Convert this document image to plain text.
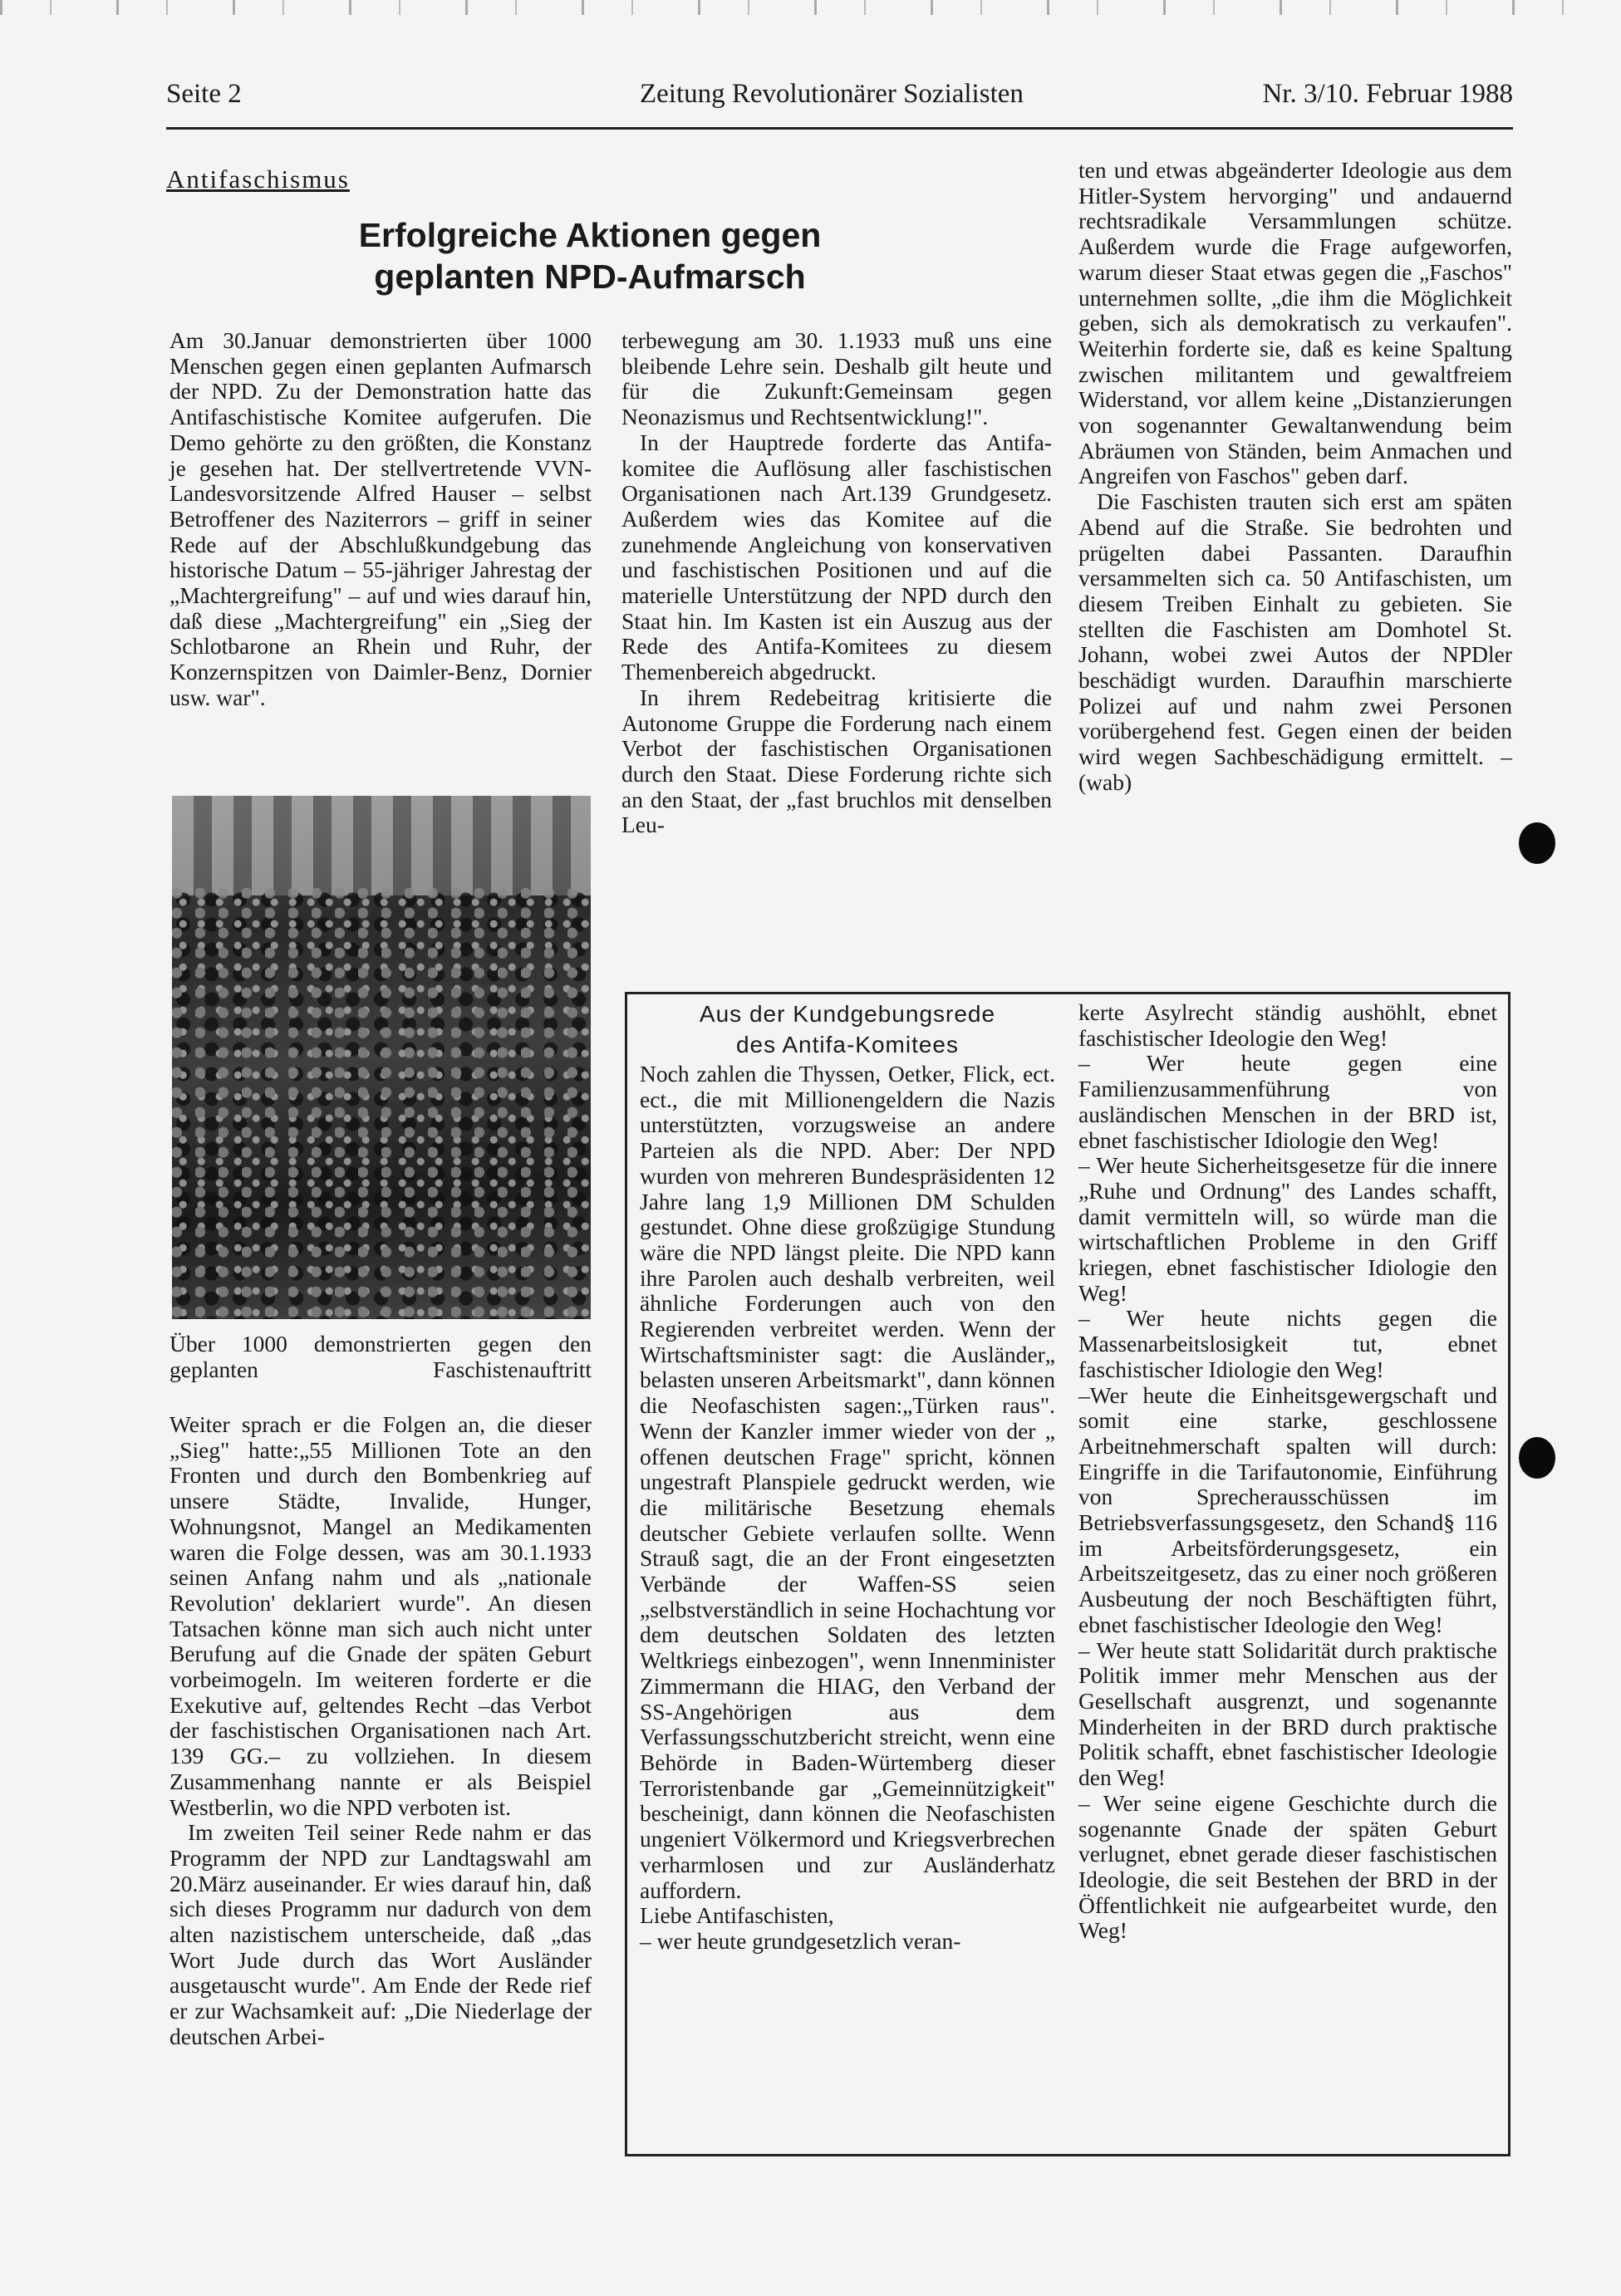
Seite 2	Zeitung Revolutionärer Sozialisten	Nr. 3/10. Februar 1988
Antifaschismus
Erfolgreiche Aktionen gegen
geplanten NPD-Aufmarsch

Am 30.Januar demonstrierten über 1000 Menschen gegen einen geplanten Aufmarsch der NPD. Zu der Demonstration hatte das Antifaschistische Komitee aufgerufen. Die Demo gehörte zu den größten, die Konstanz je gesehen hat. Der stellvertretende VVN-Landesvorsitzende Alfred Hauser – selbst Betroffener des Naziterrors – griff in seiner Rede auf der Abschlußkundgebung das historische Datum – 55-jähriger Jahrestag der „Machtergreifung" – auf und wies darauf hin, daß diese „Machtergreifung" ein „Sieg der Schlotbarone an Rhein und Ruhr, der Konzernspitzen von Daimler-Benz, Dornier usw. war".

Über 1000 demonstrierten gegen den geplanten Faschistenauftritt

Weiter sprach er die Folgen an, die dieser „Sieg" hatte:„55 Millionen Tote an den Fronten und durch den Bombenkrieg auf unsere Städte, Invalide, Hunger, Wohnungsnot, Mangel an Medikamenten waren die Folge dessen, was am 30.1.1933 seinen Anfang nahm und als „nationale Revolution' deklariert wurde". An diesen Tatsachen könne man sich auch nicht unter Berufung auf die Gnade der späten Geburt vorbeimogeln. Im weiteren forderte er die Exekutive auf, geltendes Recht –das Verbot der faschistischen Organisationen nach Art. 139 GG.– zu vollziehen. In diesem Zusammenhang nannte er als Beispiel Westberlin, wo die NPD verboten ist.

Im zweiten Teil seiner Rede nahm er das Programm der NPD zur Landtagswahl am 20.März auseinander. Er wies darauf hin, daß sich dieses Programm nur dadurch von dem alten nazistischem unterscheide, daß „das Wort Jude durch das Wort Ausländer ausgetauscht wurde". Am Ende der Rede rief er zur Wachsamkeit auf: „Die Niederlage der deutschen Arbei-

terbewegung am 30. 1.1933 muß uns eine bleibende Lehre sein. Deshalb gilt heute und für die Zukunft:Gemeinsam gegen Neonazismus und Rechtsentwicklung!".

In der Hauptrede forderte das Antifa-komitee die Auflösung aller faschistischen Organisationen nach Art.139 Grundgesetz. Außerdem wies das Komitee auf die zunehmende Angleichung von konservativen und faschistischen Positionen und auf die materielle Unterstützung der NPD durch den Staat hin. Im Kasten ist ein Auszug aus der Rede des Antifa-Komitees zu diesem Themenbereich abgedruckt.

In ihrem Redebeitrag kritisierte die Autonome Gruppe die Forderung nach einem Verbot der faschistischen Organisationen durch den Staat. Diese Forderung richte sich an den Staat, der „fast bruchlos mit denselben Leu-

ten und etwas abgeänderter Ideologie aus dem Hitler-System hervorging" und andauernd rechtsradikale Versammlungen schütze. Außerdem wurde die Frage aufgeworfen, warum dieser Staat etwas gegen die „Faschos" unternehmen sollte, „die ihm die Möglichkeit geben, sich als demokratisch zu verkaufen". Weiterhin forderte sie, daß es keine Spaltung zwischen militantem und gewaltfreiem Widerstand, vor allem keine „Distanzierungen von sogenannter Gewaltanwendung beim Abräumen von Ständen, beim Anmachen und Angreifen von Faschos" geben darf.

Die Faschisten trauten sich erst am späten Abend auf die Straße. Sie bedrohten und prügelten dabei Passanten. Daraufhin versammelten sich ca. 50 Antifaschisten, um diesem Treiben Einhalt zu gebieten. Sie stellten die Faschisten am Domhotel St. Johann, wobei zwei Autos der NPDler beschädigt wurden. Daraufhin marschierte Polizei auf und nahm zwei Personen vorübergehend fest. Gegen einen der beiden wird wegen Sachbeschädigung ermittelt. –(wab)

Aus der Kundgebungsrede

des Antifa-Komitees

Noch zahlen die Thyssen, Oetker, Flick, ect. ect., die mit Millionengeldern die Nazis unterstützten, vorzugsweise an andere Parteien als die NPD. Aber: Der NPD wurden von mehreren Bundespräsidenten 12 Jahre lang 1,9 Millionen DM Schulden gestundet. Ohne diese großzügige Stundung wäre die NPD längst pleite. Die NPD kann ihre Parolen auch deshalb verbreiten, weil ähnliche Forderungen auch von den Regierenden verbreitet werden. Wenn der Wirtschaftsminister sagt: die Ausländer„ belasten unseren Arbeitsmarkt", dann können die Neofaschisten sagen:„Türken raus". Wenn der Kanzler immer wieder von der „ offenen deutschen Frage" spricht, können ungestraft Planspiele gedruckt werden, wie die militärische Besetzung ehemals deutscher Gebiete verlaufen sollte. Wenn Strauß sagt, die an der Front eingesetzten Verbände der Waffen-SS seien „selbstverständlich in seine Hochachtung vor dem deutschen Soldaten des letzten Weltkriegs einbezogen", wenn Innenminister Zimmermann die HIAG, den Verband der SS-Angehörigen aus dem Verfassungsschutzbericht streicht, wenn eine Behörde in Baden-Würtemberg dieser Terroristenbande gar „Gemeinnützigkeit" bescheinigt, dann können die Neofaschisten ungeniert Völkermord und Kriegsverbrechen verharmlosen und zur Ausländerhatz auffordern.

Liebe Antifaschisten,

– wer heute grundgesetzlich veran-

kerte Asylrecht ständig aushöhlt, ebnet faschistischer Ideologie den Weg!

– Wer heute gegen eine Familienzusammenführung von ausländischen Menschen in der BRD ist, ebnet faschistischer Idiologie den Weg!

– Wer heute Sicherheitsgesetze für die innere „Ruhe und Ordnung" des Landes schafft, damit vermitteln will, so würde man die wirtschaftlichen Probleme in den Griff kriegen, ebnet faschistischer Idiologie den Weg!

– Wer heute nichts gegen die Massenarbeitslosigkeit tut, ebnet faschistischer Idiologie den Weg!

–Wer heute die Einheitsgewergschaft und somit eine starke, geschlossene Arbeitnehmerschaft spalten will durch: Eingriffe in die Tarifautonomie, Einführung von Sprecherausschüssen im Betriebsverfassungsgesetz, den Schand§ 116 im Arbeitsförderungsgesetz, ein Arbeitszeitgesetz, das zu einer noch größeren Ausbeutung der noch Beschäftigten führt, ebnet faschistischer Ideologie den Weg!

– Wer heute statt Solidarität durch praktische Politik immer mehr Menschen aus der Gesellschaft ausgrenzt, und sogenannte Minderheiten in der BRD durch praktische Politik schafft, ebnet faschistischer Ideologie den Weg!

– Wer seine eigene Geschichte durch die sogenannte Gnade der späten Geburt verlugnet, ebnet gerade dieser faschistischen Ideologie, die seit Bestehen der BRD in der Öffentlichkeit nie aufgearbeitet wurde, den Weg!
